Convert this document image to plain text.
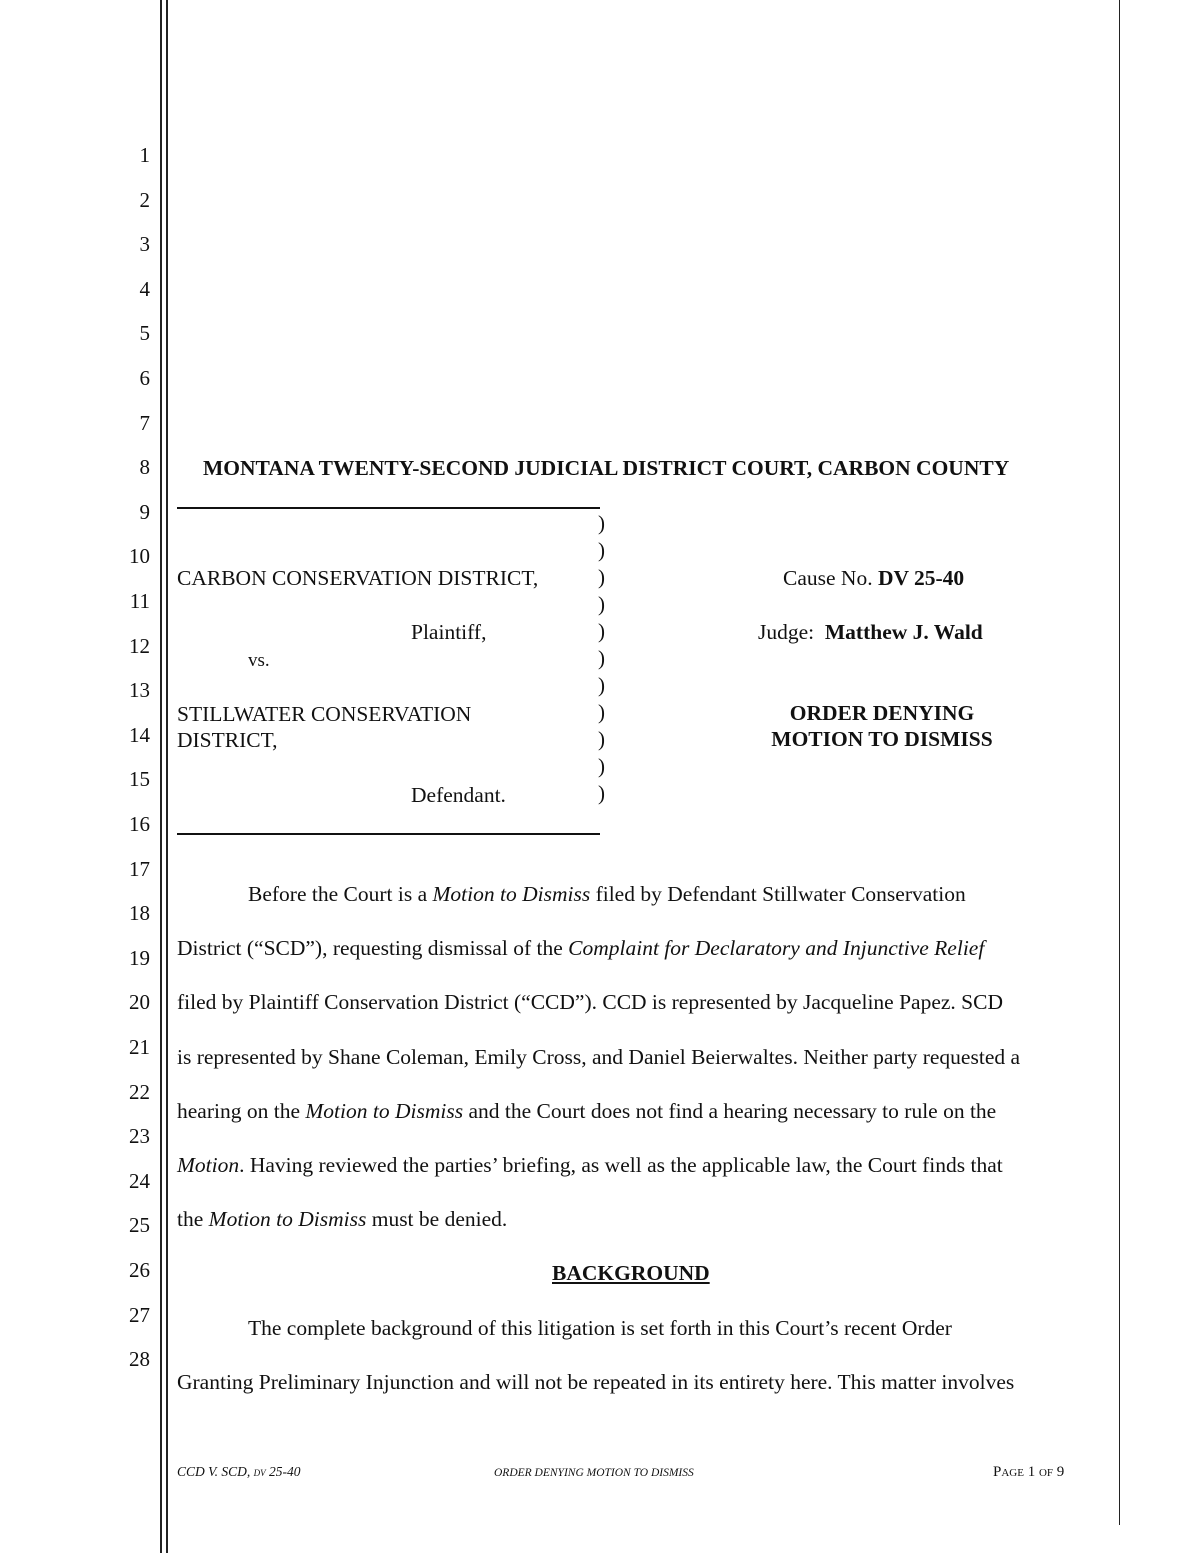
1
2
3
4
5
6
7
8
9
10
11
12
13
14
15
16
17
18
19
20
21
22
23
24
25
26
27
28
MONTANA TWENTY-SECOND JUDICIAL DISTRICT COURT, CARBON COUNTY
)
)
)
)
)
)
)
)
)
)
)
CARBON CONSERVATION DISTRICT,
Plaintiff,
vs.
STILLWATER CONSERVATION
DISTRICT,
Defendant.
Cause No. DV 25-40
Judge: Matthew J. Wald
ORDER DENYING
MOTION TO DISMISS
Before the Court is a Motion to Dismiss filed by Defendant Stillwater Conservation
District (“SCD”), requesting dismissal of the Complaint for Declaratory and Injunctive Relief
filed by Plaintiff Conservation District (“CCD”). CCD is represented by Jacqueline Papez. SCD
is represented by Shane Coleman, Emily Cross, and Daniel Beierwaltes. Neither party requested a
hearing on the Motion to Dismiss and the Court does not find a hearing necessary to rule on the
Motion. Having reviewed the parties’ briefing, as well as the applicable law, the Court finds that
the Motion to Dismiss must be denied.
BACKGROUND
The complete background of this litigation is set forth in this Court’s recent Order
Granting Preliminary Injunction and will not be repeated in its entirety here. This matter involves
CCD V. SCD, dv 25-40	ORDER DENYING MOTION TO DISMISS	Page 1 of 9
